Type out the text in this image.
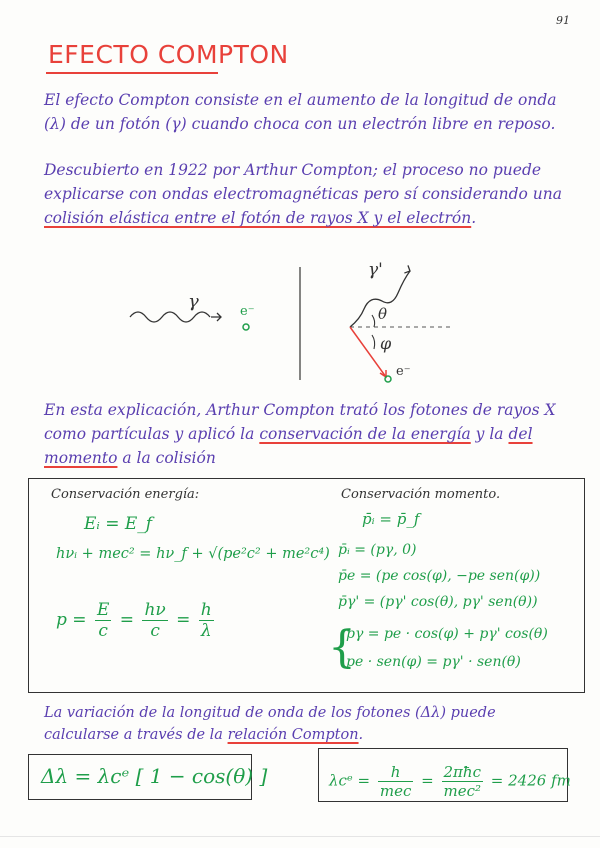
91
EFECTO COMPTON
El efecto Compton consiste en el aumento de la longitud de onda (λ) de un fotón (γ) cuando choca con un electrón libre en reposo.
Descubierto en 1922 por Arthur Compton; el proceso no puede explicarse con ondas electromagnéticas pero sí considerando una colisión elástica entre el fotón de rayos X y el electrón.
γ	e⁻
γ'
θ
φ
e⁻
En esta explicación, Arthur Compton trató los fotones de rayos X como partículas y aplicó la conservación de la energía y la del momento a la colisión
Conservación energía:	Conservación momento.
Eᵢ = E_f
hνᵢ + mec² = hν_f + √(pe²c² + me²c⁴)
$p = \frac{E}{c} = \frac{h\nu}{c} = \frac{h}{\lambda}$
p̄ᵢ = p̄_f
p̄ᵢ = (pγ, 0)
p̄e = (pe cos(φ), −pe sen(φ))
p̄γ' = (pγ' cos(θ), pγ' sen(θ))
{
pγ = pe · cos(φ) + pγ' cos(θ)
pe · sen(φ) = pγ' · sen(θ)
La variación de la longitud de onda de los fotones (Δλ) puede calcularse a través de la relación Compton.
Δλ = λcᵉ [ 1 − cos(θ) ]	λcᵉ = $\frac{h}{\text{mec}} = \frac{\text{2πħc}}{\text{mec²}} = 2426$ fm
